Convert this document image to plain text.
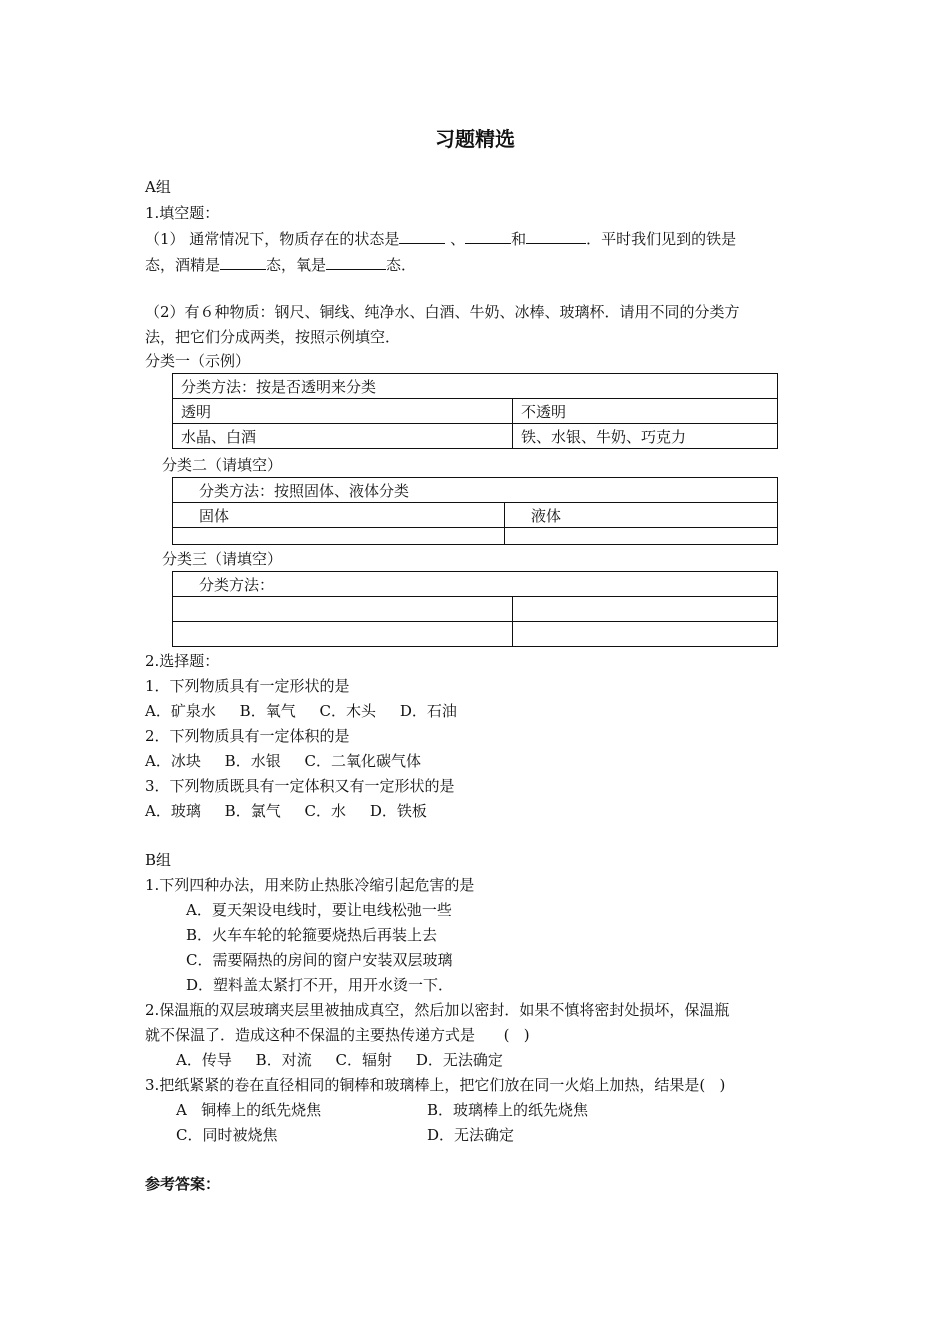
习题精选
A组
1.填空题：
（1） 通常情况下，物质存在的状态是	、	和	．平时我们见到的铁是
态，酒精是	态，氧是	态．
（2）有６种物质：钢尺、铜线、纯净水、白酒、牛奶、冰棒、玻璃杯．请用不同的分类方
法，把它们分成两类，按照示例填空．
分类一（示例）
分类方法：按是否透明来分类	
透明	不透明
水晶、白酒	铁、水银、牛奶、巧克力
分类二（请填空）
分类方法：按照固体、液体分类	
固体	液体

分类三（请填空）
分类方法：	

2.选择题：
1．下列物质具有一定形状的是
A．矿泉水     B．氧气     C．木头     D．石油
2．下列物质具有一定体积的是
A．冰块     B．水银     C．二氧化碳气体
3．下列物质既具有一定体积又有一定形状的是
A．玻璃     B．氯气     C．水     D．铁板
B组
1.下列四种办法，用来防止热胀冷缩引起危害的是
A．夏天架设电线时，要让电线松弛一些
B．火车车轮的轮箍要烧热后再装上去
C．需要隔热的房间的窗户安装双层玻璃
D．塑料盖太紧打不开，用开水烫一下．
2.保温瓶的双层玻璃夹层里被抽成真空，然后加以密封．如果不慎将密封处损坏，保温瓶
就不保温了．造成这种不保温的主要热传递方式是      (   )
A．传导     B．对流     C．辐射     D．无法确定
3.把纸紧紧的卷在直径相同的铜棒和玻璃棒上，把它们放在同一火焰上加热，结果是(   )
A   铜棒上的纸先烧焦	B．玻璃棒上的纸先烧焦
C．同时被烧焦	D．无法确定
参考答案：
